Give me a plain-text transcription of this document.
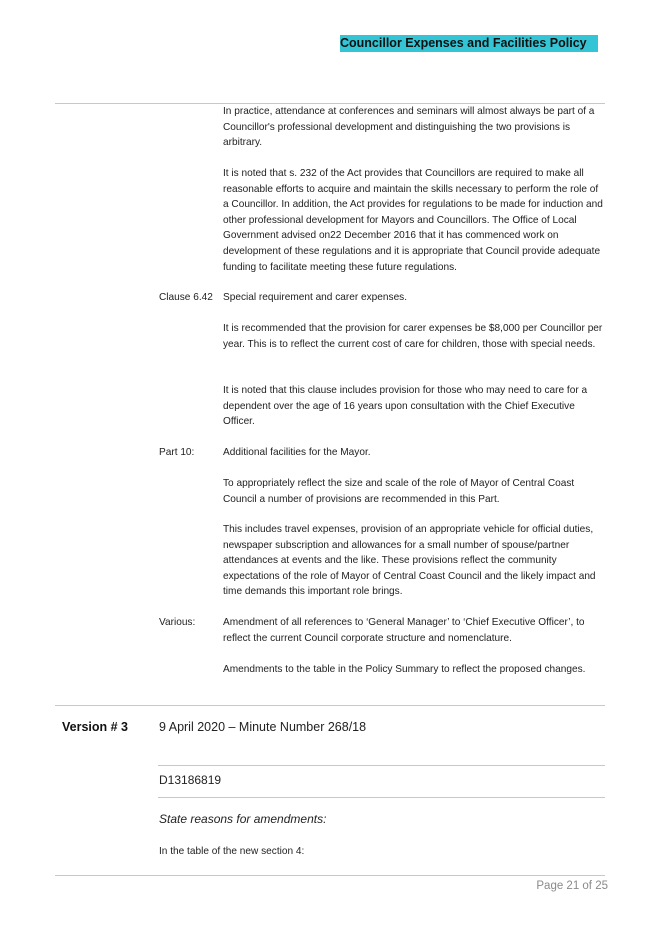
Councillor Expenses and Facilities Policy
In practice, attendance at conferences and seminars will almost always be part of a Councillor's professional development and distinguishing the two provisions is arbitrary.
It is noted that s. 232 of the Act provides that Councillors are required to make all reasonable efforts to acquire and maintain the skills necessary to perform the role of a Councillor. In addition, the Act provides for regulations to be made for induction and other professional development for Mayors and Councillors. The Office of Local Government advised on22 December 2016 that it has commenced work on development of these regulations and it is appropriate that Council provide adequate funding to facilitate meeting these future regulations.
Clause 6.42 Special requirement and carer expenses.
It is recommended that the provision for carer expenses be $8,000 per Councillor per year. This is to reflect the current cost of care for children, those with special needs.
It is noted that this clause includes provision for those who may need to care for a dependent over the age of 16 years upon consultation with the Chief Executive Officer.
Part 10:	Additional facilities for the Mayor.
To appropriately reflect the size and scale of the role of Mayor of Central Coast Council a number of provisions are recommended in this Part.
This includes travel expenses, provision of an appropriate vehicle for official duties, newspaper subscription and allowances for a small number of spouse/partner attendances at events and the like. These provisions reflect the community expectations of the role of Mayor of Central Coast Council and the likely impact and time demands this important role brings.
Various:	Amendment of all references to ‘General Manager’ to ‘Chief Executive Officer’, to reflect the current Council corporate structure and nomenclature.
Amendments to the table in the Policy Summary to reflect the proposed changes.
Version # 3 9 April 2020 – Minute Number 268/18
D13186819
State reasons for amendments:
In the table of the new section 4:
Page 21 of 25
